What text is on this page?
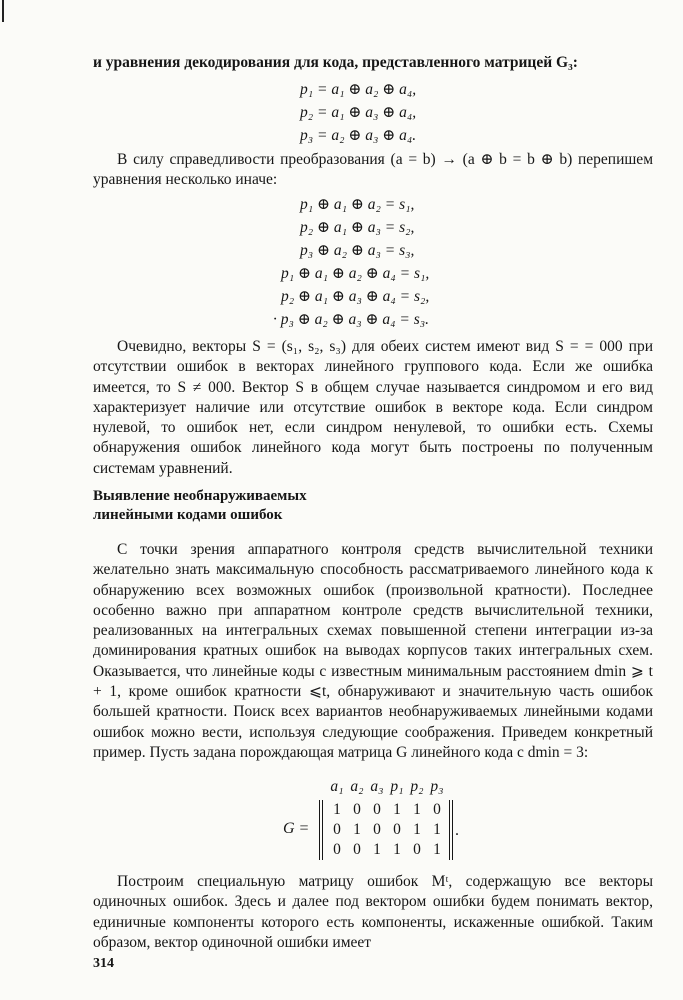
и уравнения декодирования для кода, представленного матрицей G₃:
p₁ = a₁ ⊕ a₂ ⊕ a₄,
p₂ = a₁ ⊕ a₃ ⊕ a₄,
p₃ = a₂ ⊕ a₃ ⊕ a₄.

В силу справедливости преобразования (a = b) → (a ⊕ b = b ⊕ b) перепишем уравнения несколько иначе:

p₁ ⊕ a₁ ⊕ a₂ = s₁,
p₂ ⊕ a₁ ⊕ a₃ = s₂,
p₃ ⊕ a₂ ⊕ a₃ = s₃,
p₁ ⊕ a₁ ⊕ a₂ ⊕ a₄ = s₁,
p₂ ⊕ a₁ ⊕ a₃ ⊕ a₄ = s₂,
· p₃ ⊕ a₂ ⊕ a₃ ⊕ a₄ = s₃.

Очевидно, векторы S = (s₁, s₂, s₃) для обеих систем имеют вид S = = 000 при отсутствии ошибок в векторах линейного группового кода. Если же ошибка имеется, то S ≠ 000. Вектор S в общем случае называется синдромом и его вид характеризует наличие или отсутствие ошибок в векторе кода. Если синдром нулевой, то ошибок нет, если синдром ненулевой, то ошибки есть. Схемы обнаружения ошибок линейного кода могут быть построены по полученным системам уравнений.

Выявление необнаруживаемых
линейными кодами ошибок

С точки зрения аппаратного контроля средств вычислительной техники желательно знать максимальную способность рассматриваемого линейного кода к обнаружению всех возможных ошибок (произвольной кратности). Последнее особенно важно при аппаратном контроле средств вычислительной техники, реализованных на интегральных схемах повышенной степени интеграции из-за доминирования кратных ошибок на выводах корпусов таких интегральных схем. Оказывается, что линейные коды с известным минимальным расстоянием dmin ⩾ t + 1, кроме ошибок кратности ⩽t, обнаруживают и значительную часть ошибок большей кратности. Поиск всех вариантов необнаруживаемых линейными кодами ошибок можно вести, используя следующие соображения. Приведем конкретный пример. Пусть задана порождающая матрица G линейного кода с dmin = 3:

a₁ a₂ a₃ p₁ p₂ p₃
G =
1 0 0 1 1 0
0 1 0 0 1 1
0 0 1 1 0 1
.

Построим специальную матрицу ошибок Mᵗ, содержащую все векторы одиночных ошибок. Здесь и далее под вектором ошибки будем понимать вектор, единичные компоненты которого есть компоненты, искаженные ошибкой. Таким образом, вектор одиночной ошибки имеет

314
